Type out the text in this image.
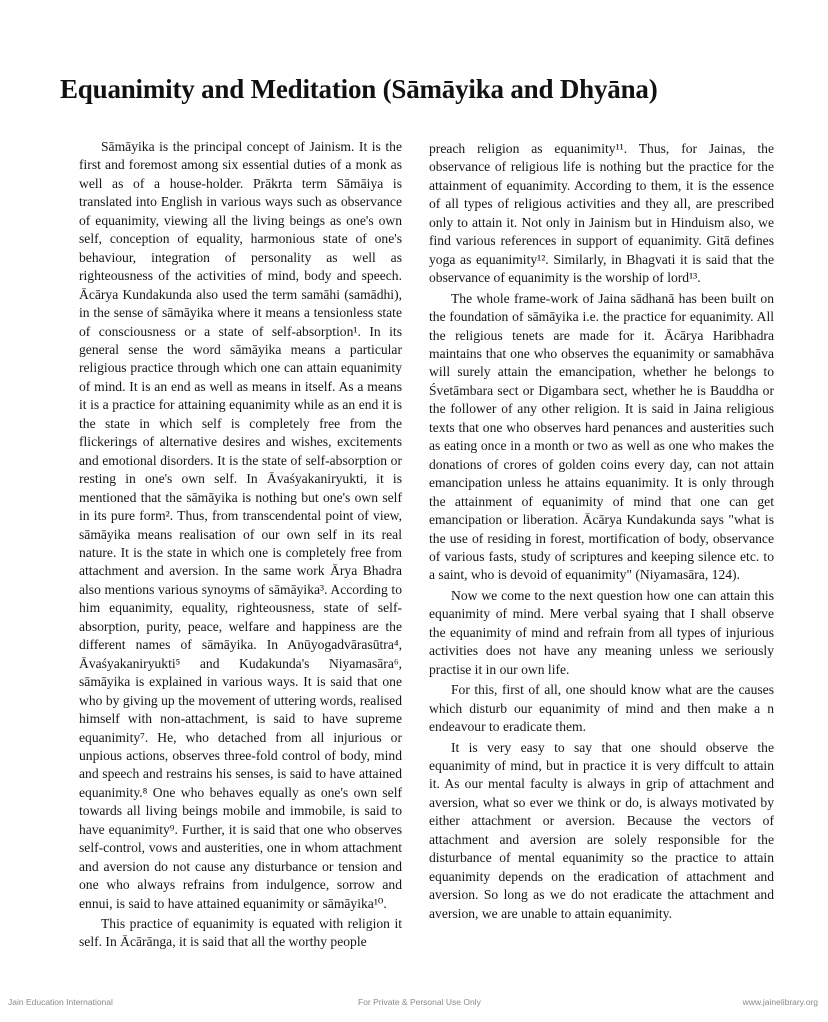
Equanimity and Meditation (Sāmāyika and Dhyāna)

Sāmāyika is the principal concept of Jainism. It is the first and foremost among six essential duties of a monk as well as of a house-holder. Prākrta term Sāmāiya is translated into English in various ways such as observance of equanimity, viewing all the living beings as one's own self, conception of equality, harmonious state of one's behaviour, integration of personality as well as righteousness of the activities of mind, body and speech. Ācārya Kundakunda also used the term samāhi (samādhi), in the sense of sāmāyika where it means a tensionless state of consciousness or a state of self-absorption¹. In its general sense the word sāmāyika means a particular religious practice through which one can attain equanimity of mind. It is an end as well as means in itself. As a means it is a practice for attaining equanimity while as an end it is the state in which self is completely free from the flickerings of alternative desires and wishes, excitements and emotional disorders. It is the state of self-absorption or resting in one's own self. In Āvaśyakaniryukti, it is mentioned that the sāmāyika is nothing but one's own self in its pure form². Thus, from transcendental point of view, sāmāyika means realisation of our own self in its real nature. It is the state in which one is completely free from attachment and aversion. In the same work Ārya Bhadra also mentions various synoyms of sāmāyika³. According to him equanimity, equality, righteousness, state of self-absorption, purity, peace, welfare and happiness are the different names of sāmāyika. In Anūyogadvārasūtra⁴, Āvaśyakaniryukti⁵ and Kudakunda's Niyamasāra⁶, sāmāyika is explained in various ways. It is said that one who by giving up the movement of uttering words, realised himself with non-attachment, is said to have supreme equanimity⁷. He, who detached from all injurious or unpious actions, observes three-fold control of body, mind and speech and restrains his senses, is said to have attained equanimity.⁸ One who behaves equally as one's own self towards all living beings mobile and immobile, is said to have equanimity⁹. Further, it is said that one who observes self-control, vows and austerities, one in whom attachment and aversion do not cause any disturbance or tension and one who always refrains from indulgence, sorrow and ennui, is said to have attained equanimity or sāmāyika¹⁰.

This practice of equanimity is equated with religion it self. In Ācārānga, it is said that all the worthy people

preach religion as equanimity¹¹. Thus, for Jainas, the observance of religious life is nothing but the practice for the attainment of equanimity. According to them, it is the essence of all types of religious activities and they all, are prescribed only to attain it. Not only in Jainism but in Hinduism also, we find various references in support of equanimity. Gitā defines yoga as equanimity¹². Similarly, in Bhagvati it is said that the observance of equanimity is the worship of lord¹³.

The whole frame-work of Jaina sādhanā has been built on the foundation of sāmāyika i.e. the practice for equanimity. All the religious tenets are made for it. Ācārya Haribhadra maintains that one who observes the equanimity or samabhāva will surely attain the emancipation, whether he belongs to Śvetāmbara sect or Digambara sect, whether he is Bauddha or the follower of any other religion. It is said in Jaina religious texts that one who observes hard penances and austerities such as eating once in a month or two as well as one who makes the donations of crores of golden coins every day, can not attain emancipation unless he attains equanimity. It is only through the attainment of equanimity of mind that one can get emancipation or liberation. Ācārya Kundakunda says "what is the use of residing in forest, mortification of body, observance of various fasts, study of scriptures and keeping silence etc. to a saint, who is devoid of equanimity" (Niyamasāra, 124).

Now we come to the next question how one can attain this equanimity of mind. Mere verbal syaing that I shall observe the equanimity of mind and refrain from all types of injurious activities does not have any meaning unless we seriously practise it in our own life.

For this, first of all, one should know what are the causes which disturb our equanimity of mind and then make a n endeavour to eradicate them.

It is very easy to say that one should observe the equanimity of mind, but in practice it is very diffcult to attain it. As our mental faculty is always in grip of attachment and aversion, what so ever we think or do, is always motivated by either attachment or aversion. Because the vectors of attachment and aversion are solely responsible for the disturbance of mental equanimity so the practice to attain equanimity depends on the eradication of attachment and aversion. So long as we do not eradicate the attachment and aversion, we are unable to attain equanimity.

Jain Education International	For Private & Personal Use Only	www.jainelibrary.org
